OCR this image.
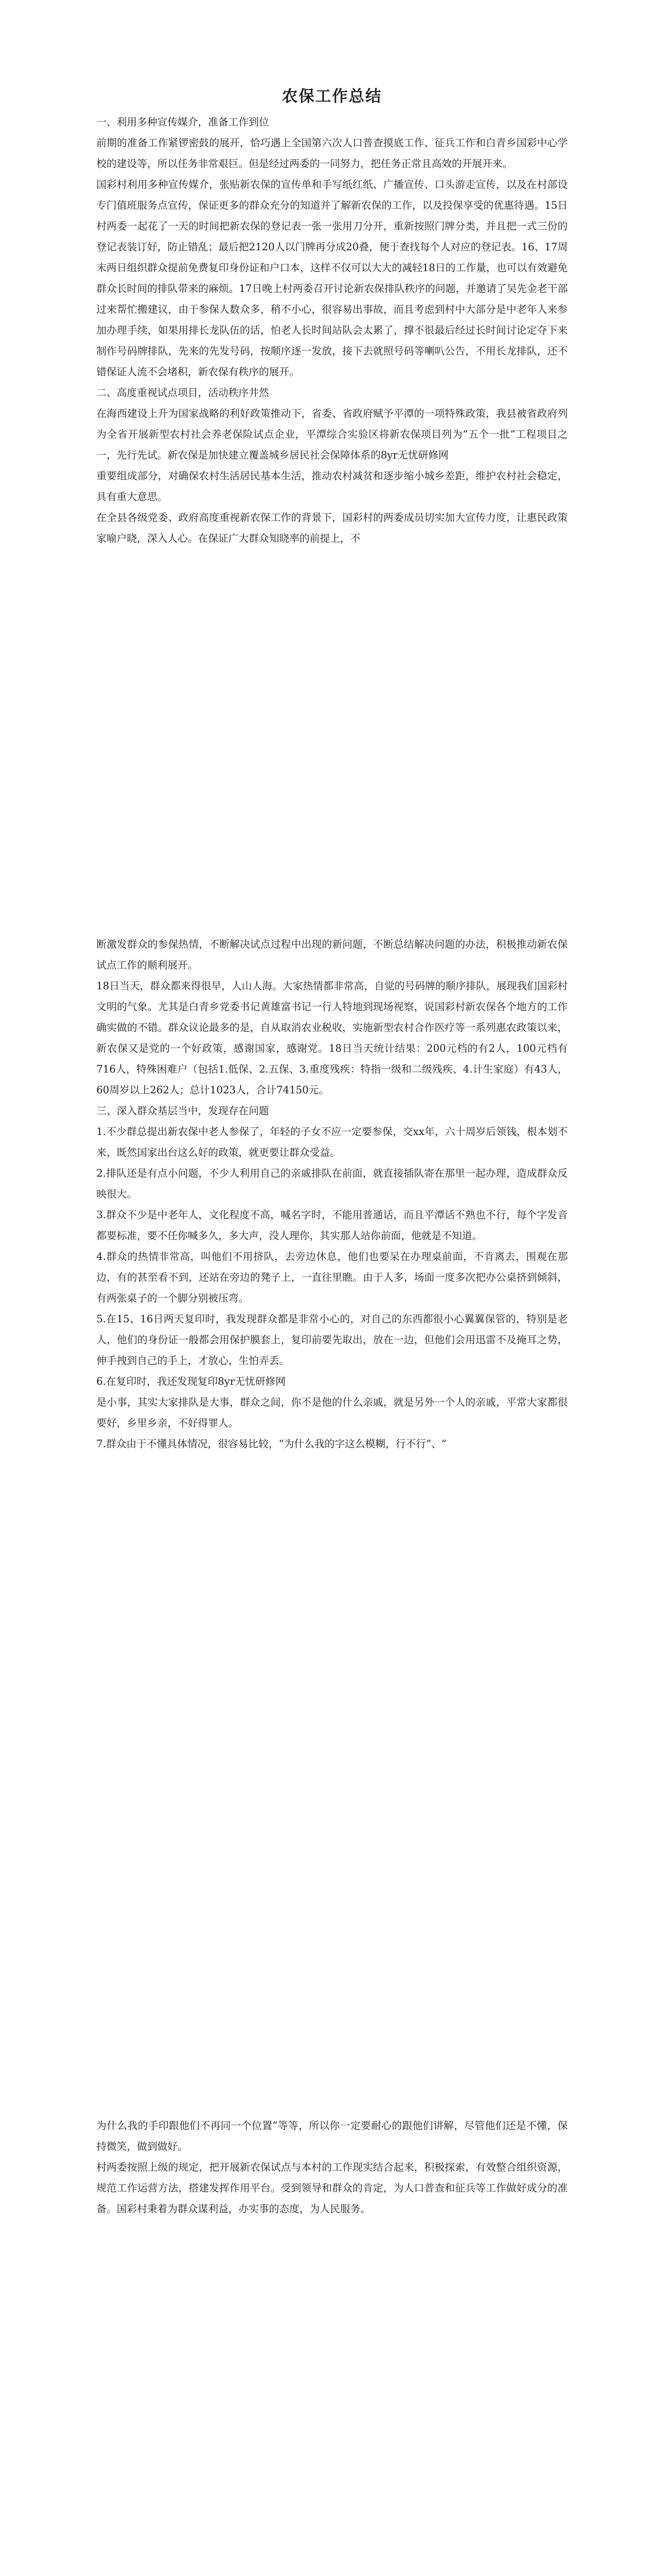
农保工作总结

一、利用多种宣传媒介，准备工作到位

前期的准备工作紧锣密鼓的展开，恰巧遇上全国第六次人口普查摸底工作、征兵工作和白青乡国彩中心学校的建设等，所以任务非常艰巨。但是经过两委的一同努力，把任务正常且高效的开展开来。

国彩村利用多种宣传媒介，张贴新农保的宣传单和手写纸红纸、广播宣传、口头游走宣传，以及在村部设专门值班服务点宣传，保证更多的群众充分的知道并了解新农保的工作，以及投保享受的优惠待遇。15日村两委一起花了一天的时间把新农保的登记表一张一张用刀分开，重新按照门牌分类，并且把一式三份的登记表装订好，防止错乱；最后把2120人以门牌再分成20叠，便于查找每个人对应的登记表。16、17周末两日组织群众提前免费复印身份证和户口本，这样不仅可以大大的减轻18日的工作量，也可以有效避免群众长时间的排队带来的麻烦。17日晚上村两委召开讨论新农保排队秩序的问题，并邀请了吴先金老干部过来帮忙搬建议，由于参保人数众多，稍不小心，很容易出事故，而且考虑到村中大部分是中老年人来参加办理手续，如果用排长龙队伍的话，怕老人长时间站队会太累了，撑不很最后经过长时间讨论定夺下来制作号码牌排队，先来的先发号码，按顺序逐一发放，接下去就照号码等喇叭公告，不用长龙排队，还不错保证人流不会堵积，新农保有秩序的展开。

二、高度重视试点项目，活动秩序井然

在海西建设上升为国家战略的利好政策推动下，省委、省政府赋予平潭的一项特殊政策，我县被省政府列为全省开展新型农村社会养老保险试点企业，平潭综合实验区将新农保项目列为“五个一批”工程项目之一，先行先试。新农保是加快建立覆盖城乡居民社会保障体系的8yr无忧研修网

重要组成部分，对确保农村生活居民基本生活，推动农村减贫和逐步缩小城乡差距，维护农村社会稳定，具有重大意思。

在全县各级党委、政府高度重视新农保工作的背景下，国彩村的两委成员切实加大宣传力度，让惠民政策家喻户晓，深入人心。在保证广大群众知晓率的前提上，不

断激发群众的参保热情，不断解决试点过程中出现的新问题，不断总结解决问题的办法，积极推动新农保试点工作的顺利展开。

18日当天，群众都来得很早，人山人海。大家热情都非常高，自觉的号码牌的顺序排队，展现我们国彩村文明的气象。尤其是白青乡党委书记黄雄富书记一行人特地到现场视察，说国彩村新农保各个地方的工作确实做的不错。群众议论最多的是，自从取消农业税收，实施新型农村合作医疗等一系列惠农政策以来，新农保又是党的一个好政策，感谢国家，感谢党。18日当天统计结果：200元档的有2人，100元档有716人，特殊困难户（包括1.低保、2.五保、3.重度残疾：特指一级和二级残疾、4.计生家庭）有43人，60周岁以上262人；总计1023人，合计74150元。

三、深入群众基层当中，发现存在问题

1.不少群总提出新农保中老人参保了，年轻的子女不应一定要参保，交xx年，六十周岁后领钱，根本划不来，既然国家出台这么好的政策，就更要让群众受益。

2.排队还是有点小问题，不少人利用自己的亲戚排队在前面，就直接插队寄在那里一起办理，造成群众反映很大。

3.群众不少是中老年人，文化程度不高，喊名字时，不能用普通话，而且平潭话不熟也不行，每个字发音都要标准，要不任你喊多久，多大声，没人理你，其实那人站你前面，他就是不知道。

4.群众的热情非常高，叫他们不用挤队，去旁边休息，他们也要呆在办理桌前面，不肯离去，围观在那边，有的甚至看不到，还站在旁边的凳子上，一直往里瞧。由于人多，场面一度多次把办公桌挤到倾斜，有两张桌子的一个脚分别被压弯。

5.在15、16日两天复印时，我发现群众都是非常小心的，对自己的东西都很小心翼翼保管的，特别是老人，他们的身份证一般都会用保护膜套上，复印前要先取出，放在一边，但他们会用迅雷不及掩耳之势，伸手拽到自己的手上，才放心，生怕弄丢。

6.在复印时，我还发现复印8yr无忧研修网

是小事，其实大家排队是大事，群众之间，你不是他的什么亲戚，就是另外一个人的亲戚，平常大家都很要好，乡里乡亲，不好得罪人。

7.群众由于不懂具体情况，很容易比较，“为什么我的字这么模糊，行不行”、“

为什么我的手印跟他们不再同一个位置”等等，所以你一定要耐心的跟他们讲解，尽管他们还是不懂，保持微笑，做到做好。

村两委按照上级的规定，把开展新农保试点与本村的工作现实结合起来，积极探索，有效整合组织资源，规范工作运营方法，搭建发挥作用平台。受到领导和群众的肯定，为人口普查和征兵等工作做好成分的准备。国彩村秉着为群众谋利益，办实事的态度，为人民服务。
